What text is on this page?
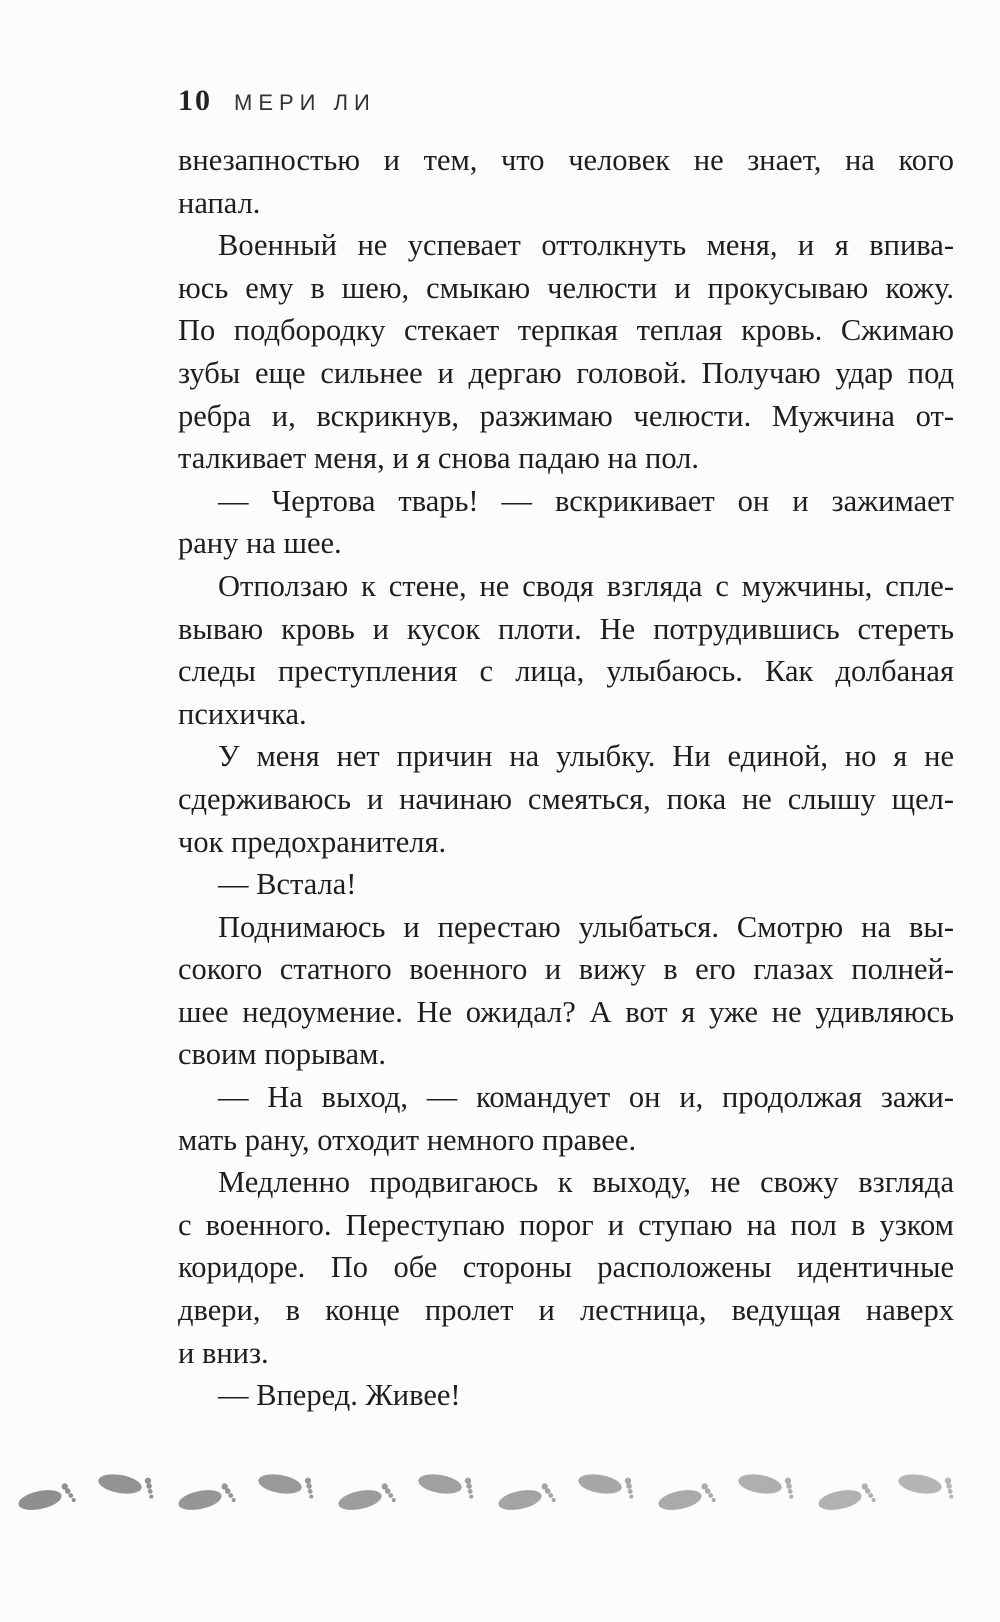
10 МЕРИ ЛИ
внезапностью и тем, что человек не знает, на кого
напал.
Военный не успевает оттолкнуть меня, и я впива-
юсь ему в шею, смыкаю челюсти и прокусываю кожу.
По подбородку стекает терпкая теплая кровь. Сжимаю
зубы еще сильнее и дергаю головой. Получаю удар под
ребра и, вскрикнув, разжимаю челюсти. Мужчина от-
талкивает меня, и я снова падаю на пол.
— Чертова тварь! — вскрикивает он и зажимает
рану на шее.
Отползаю к стене, не сводя взгляда с мужчины, спле-
вываю кровь и кусок плоти. Не потрудившись стереть
следы преступления с лица, улыбаюсь. Как долбаная
психичка.
У меня нет причин на улыбку. Ни единой, но я не
сдерживаюсь и начинаю смеяться, пока не слышу щел-
чок предохранителя.
— Встала!
Поднимаюсь и перестаю улыбаться. Смотрю на вы-
сокого статного военного и вижу в его глазах полней-
шее недоумение. Не ожидал? А вот я уже не удивляюсь
своим порывам.
— На выход, — командует он и, продолжая зажи-
мать рану, отходит немного правее.
Медленно продвигаюсь к выходу, не свожу взгляда
с военного. Переступаю порог и ступаю на пол в узком
коридоре. По обе стороны расположены идентичные
двери, в конце пролет и лестница, ведущая наверх
и вниз.
— Вперед. Живее!
